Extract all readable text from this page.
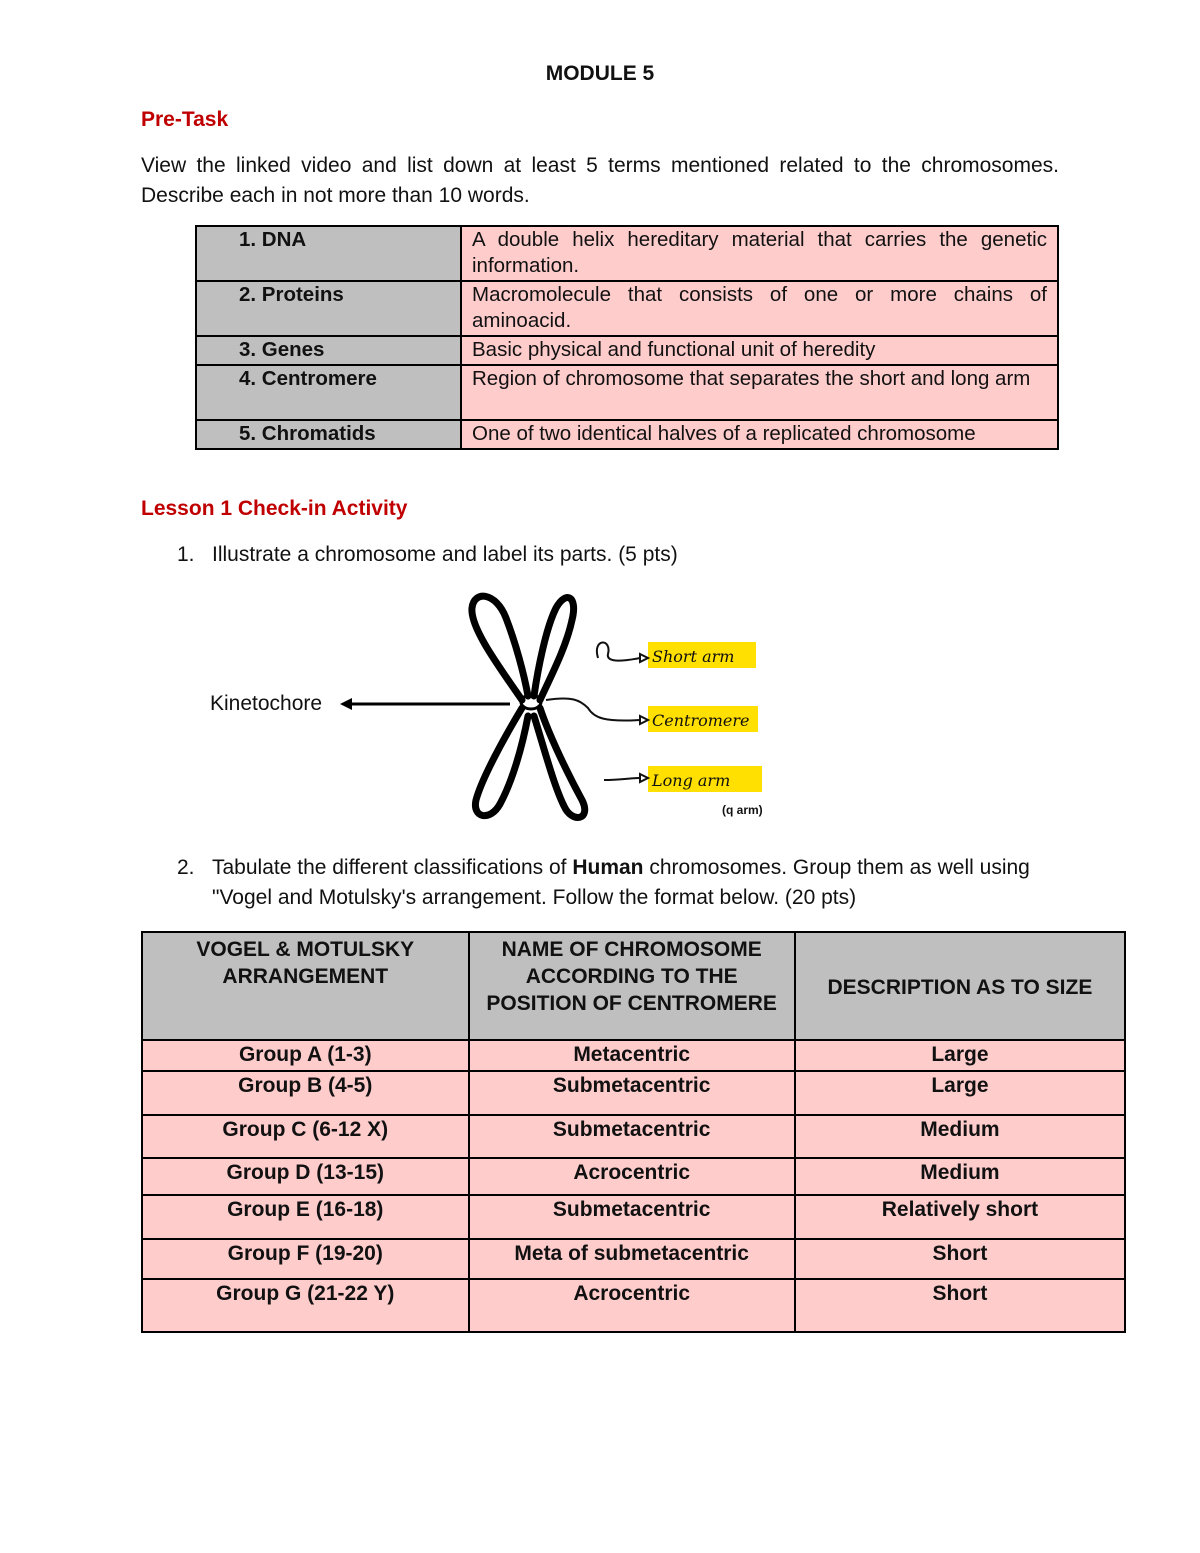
MODULE 5
Pre-Task
View the linked video and list down at least 5 terms mentioned related to the chromosomes. Describe each in not more than 10 words.
1. DNA	A double helix hereditary material that carries the genetic information.
2. Proteins	Macromolecule that consists of one or more chains of aminoacid.
3. Genes	Basic physical and functional unit of heredity
4. Centromere	Region of chromosome that separates the short and long arm
5. Chromatids	One of two identical halves of a replicated chromosome
Lesson 1 Check-in Activity
1. Illustrate a chromosome and label its parts. (5 pts)
Kinetochore
Short arm
Centromere
Long arm
(q arm)
2. Tabulate the different classifications of Human chromosomes. Group them as well using "Vogel and Motulsky's arrangement. Follow the format below. (20 pts)
VOGEL & MOTULSKY ARRANGEMENT	NAME OF CHROMOSOME ACCORDING TO THE POSITION OF CENTROMERE	DESCRIPTION AS TO SIZE
Group A (1-3)	Metacentric	Large
Group B (4-5)	Submetacentric	Large
Group C (6-12 X)	Submetacentric	Medium
Group D (13-15)	Acrocentric	Medium
Group E (16-18)	Submetacentric	Relatively short
Group F (19-20)	Meta of submetacentric	Short
Group G (21-22 Y)	Acrocentric	Short
